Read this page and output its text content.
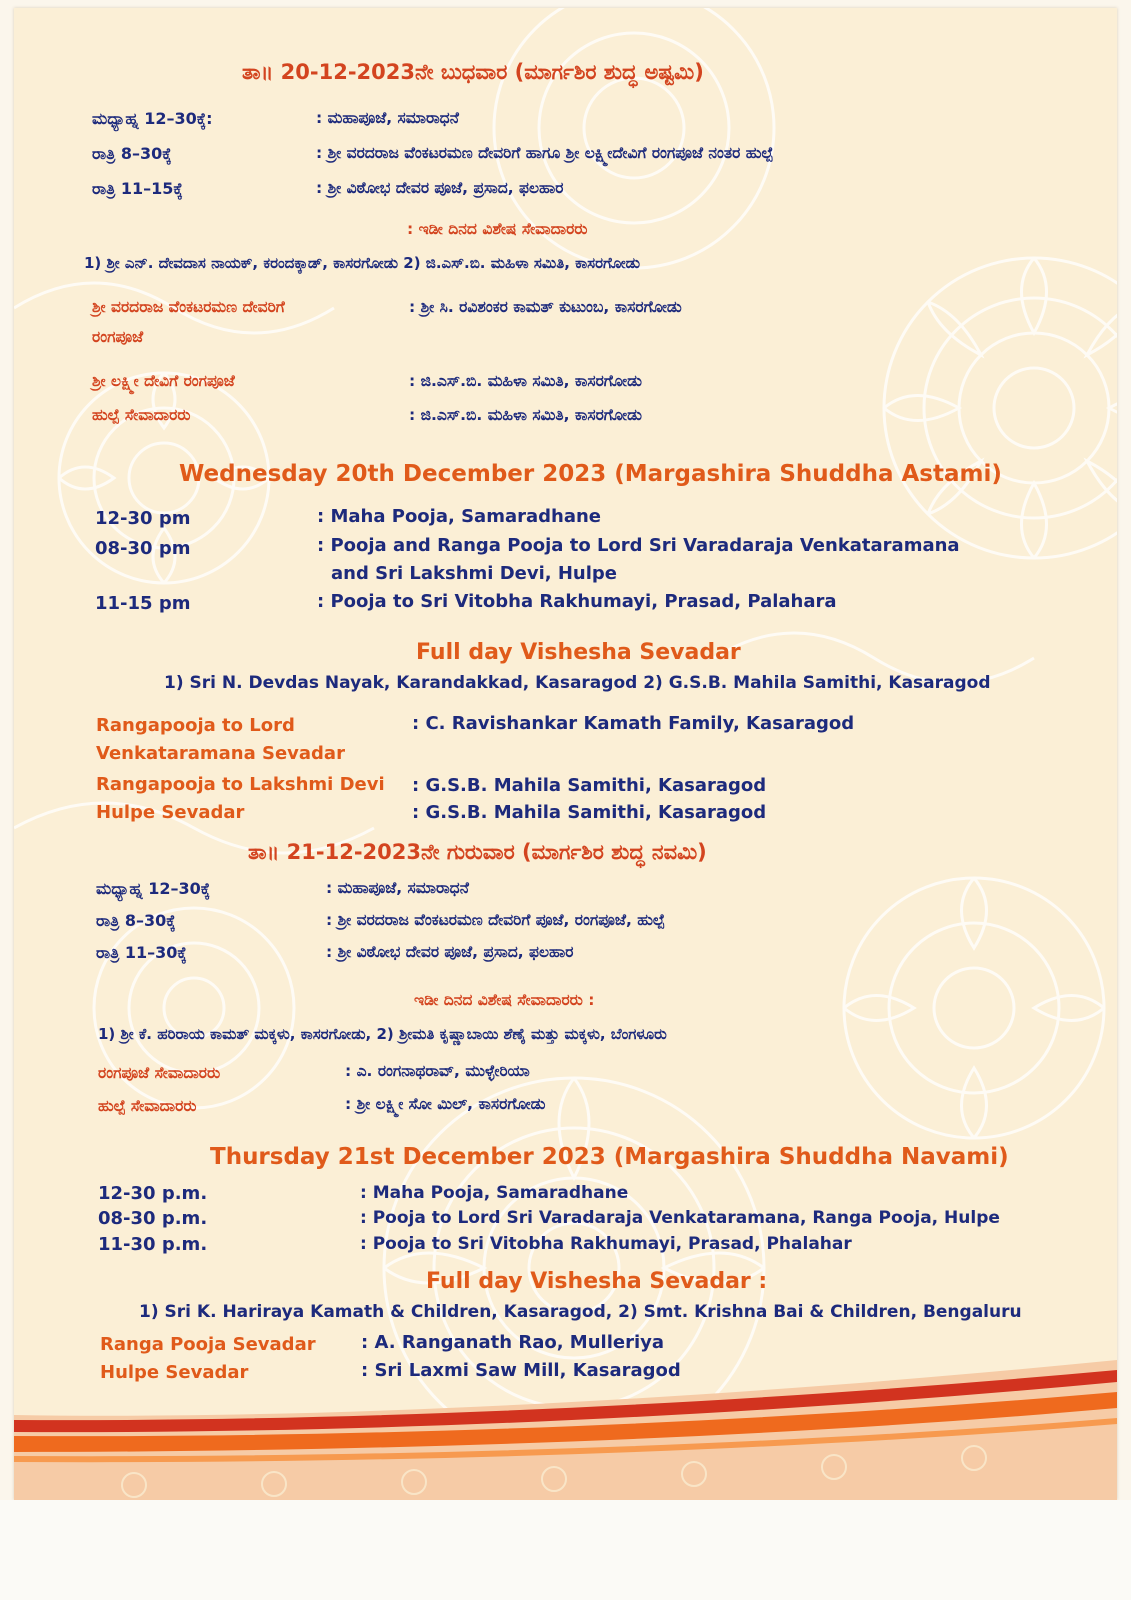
ತಾ॥ 20-12-2023ನೇ ಬುಧವಾರ (ಮಾರ್ಗಶಿರ ಶುದ್ಧ ಅಷ್ಟಮಿ)
ಮಧ್ಯಾಹ್ನ 12–30ಕ್ಕೆ:	: ಮಹಾಪೂಜೆ, ಸಮಾರಾಧನೆ
ರಾತ್ರಿ 8–30ಕ್ಕೆ	: ಶ್ರೀ ವರದರಾಜ ವೆಂಕಟರಮಣ ದೇವರಿಗೆ ಹಾಗೂ ಶ್ರೀ ಲಕ್ಷ್ಮೀದೇವಿಗೆ ರಂಗಪೂಜೆ ನಂತರ ಹುಲ್ಪೆ
ರಾತ್ರಿ 11–15ಕ್ಕೆ	: ಶ್ರೀ ವಿಠೋಭ ದೇವರ ಪೂಜೆ, ಪ್ರಸಾದ, ಫಲಹಾರ
: ಇಡೀ ದಿನದ ವಿಶೇಷ ಸೇವಾದಾರರು
1) ಶ್ರೀ ಎನ್. ದೇವದಾಸ ನಾಯಕ್, ಕರಂದಕ್ಕಾಡ್, ಕಾಸರಗೋಡು 2) ಜಿ.ಎಸ್.ಬಿ. ಮಹಿಳಾ ಸಮಿತಿ, ಕಾಸರಗೋಡು
ಶ್ರೀ ವರದರಾಜ ವೆಂಕಟರಮಣ ದೇವರಿಗೆ
ರಂಗಪೂಜೆ
: ಶ್ರೀ ಸಿ. ರವಿಶಂಕರ ಕಾಮತ್ ಕುಟುಂಬ, ಕಾಸರಗೋಡು
ಶ್ರೀ ಲಕ್ಷ್ಮೀ ದೇವಿಗೆ ರಂಗಪೂಜೆ	: ಜಿ.ಎಸ್.ಬಿ. ಮಹಿಳಾ ಸಮಿತಿ, ಕಾಸರಗೋಡು
ಹುಲ್ಪೆ ಸೇವಾದಾರರು	: ಜಿ.ಎಸ್.ಬಿ. ಮಹಿಳಾ ಸಮಿತಿ, ಕಾಸರಗೋಡು
Wednesday 20th December 2023 (Margashira Shuddha Astami)
12-30 pm	: Maha Pooja, Samaradhane
08-30 pm	: Pooja and Ranga Pooja to Lord Sri Varadaraja Venkataramana
and Sri Lakshmi Devi, Hulpe
11-15 pm	: Pooja to Sri Vitobha Rakhumayi, Prasad, Palahara
Full day Vishesha Sevadar
1) Sri N. Devdas Nayak, Karandakkad, Kasaragod 2) G.S.B. Mahila Samithi, Kasaragod
Rangapooja to Lord
Venkataramana Sevadar
: C. Ravishankar Kamath Family, Kasaragod
Rangapooja to Lakshmi Devi : G.S.B. Mahila Samithi, Kasaragod
Hulpe Sevadar	: G.S.B. Mahila Samithi, Kasaragod
ತಾ॥ 21-12-2023ನೇ ಗುರುವಾರ (ಮಾರ್ಗಶಿರ ಶುದ್ಧ ನವಮಿ)
ಮಧ್ಯಾಹ್ನ 12–30ಕ್ಕೆ	: ಮಹಾಪೂಜೆ, ಸಮಾರಾಧನೆ
ರಾತ್ರಿ 8–30ಕ್ಕೆ	: ಶ್ರೀ ವರದರಾಜ ವೆಂಕಟರಮಣ ದೇವರಿಗೆ ಪೂಜೆ, ರಂಗಪೂಜೆ, ಹುಲ್ಪೆ
ರಾತ್ರಿ 11–30ಕ್ಕೆ	: ಶ್ರೀ ವಿಠೋಭ ದೇವರ ಪೂಜೆ, ಪ್ರಸಾದ, ಫಲಹಾರ
ಇಡೀ ದಿನದ ವಿಶೇಷ ಸೇವಾದಾರರು :
1) ಶ್ರೀ ಕೆ. ಹರಿರಾಯ ಕಾಮತ್ ಮಕ್ಕಳು, ಕಾಸರಗೋಡು, 2) ಶ್ರೀಮತಿ ಕೃಷ್ಣಾಬಾಯಿ ಶೆಣೈ ಮತ್ತು ಮಕ್ಕಳು, ಬೆಂಗಳೂರು
ರಂಗಪೂಜೆ ಸೇವಾದಾರರು	: ಎ. ರಂಗನಾಥರಾವ್, ಮುಳ್ಳೇರಿಯಾ
ಹುಲ್ಪೆ ಸೇವಾದಾರರು	: ಶ್ರೀ ಲಕ್ಷ್ಮೀ ಸೋ ಮಿಲ್, ಕಾಸರಗೋಡು
Thursday 21st December 2023 (Margashira Shuddha Navami)
12-30 p.m.	: Maha Pooja, Samaradhane
08-30 p.m.	: Pooja to Lord Sri Varadaraja Venkataramana, Ranga Pooja, Hulpe
11-30 p.m.	: Pooja to Sri Vitobha Rakhumayi, Prasad, Phalahar
Full day Vishesha Sevadar :
1) Sri K. Hariraya Kamath & Children, Kasaragod, 2) Smt. Krishna Bai & Children, Bengaluru
Ranga Pooja Sevadar	: A. Ranganath Rao, Mulleriya
Hulpe Sevadar	: Sri Laxmi Saw Mill, Kasaragod
